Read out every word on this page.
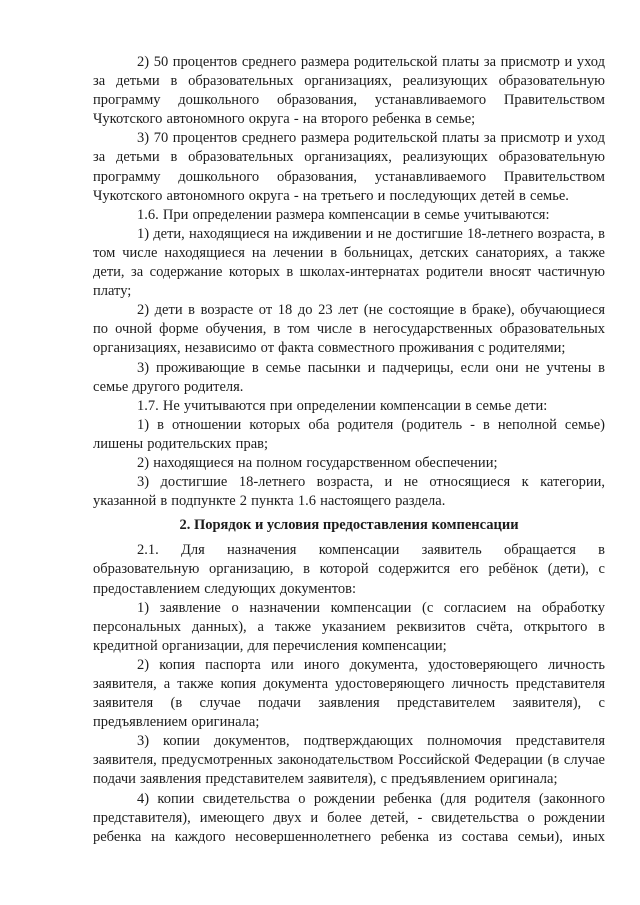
2) 50 процентов среднего размера родительской платы за присмотр и уход за детьми в образовательных организациях, реализующих образовательную программу дошкольного образования, устанавливаемого Правительством Чукотского автономного округа - на второго ребенка в семье;

3) 70 процентов среднего размера родительской платы за присмотр и уход за детьми в образовательных организациях, реализующих образовательную программу дошкольного образования, устанавливаемого Правительством Чукотского автономного округа - на третьего и последующих детей в семье.

1.6. При определении размера компенсации в семье учитываются:

1) дети, находящиеся на иждивении и не достигшие 18-летнего возраста, в том числе находящиеся на лечении в больницах, детских санаториях, а также дети, за содержание которых в школах-интернатах родители вносят частичную плату;

2) дети в возрасте от 18 до 23 лет (не состоящие в браке), обучающиеся по очной форме обучения, в том числе в негосударственных образовательных организациях, независимо от факта совместного проживания с родителями;

3) проживающие в семье пасынки и падчерицы, если они не учтены в семье другого родителя.

1.7. Не учитываются при определении компенсации в семье дети:

1) в отношении которых оба родителя (родитель - в неполной семье) лишены родительских прав;

2) находящиеся на полном государственном обеспечении;

3) достигшие 18-летнего возраста, и не относящиеся к категории, указанной в подпункте 2 пункта 1.6 настоящего раздела.

2. Порядок и условия предоставления компенсации

2.1. Для назначения компенсации заявитель обращается в образовательную организацию, в которой содержится его ребёнок (дети), с предоставлением следующих документов:

1) заявление о назначении компенсации (с согласием на обработку персональных данных), а также указанием реквизитов счёта, открытого в кредитной организации, для перечисления компенсации;

2) копия паспорта или иного документа, удостоверяющего личность заявителя, а также копия документа удостоверяющего личность представителя заявителя (в случае подачи заявления представителем заявителя), с предъявлением оригинала;

3) копии документов, подтверждающих полномочия представителя заявителя, предусмотренных законодательством Российской Федерации (в случае подачи заявления представителем заявителя), с предъявлением оригинала;

4) копии свидетельства о рождении ребенка (для родителя (законного представителя), имеющего двух и более детей, - свидетельства о рождении ребенка на каждого несовершеннолетнего ребенка из состава семьи), иных
